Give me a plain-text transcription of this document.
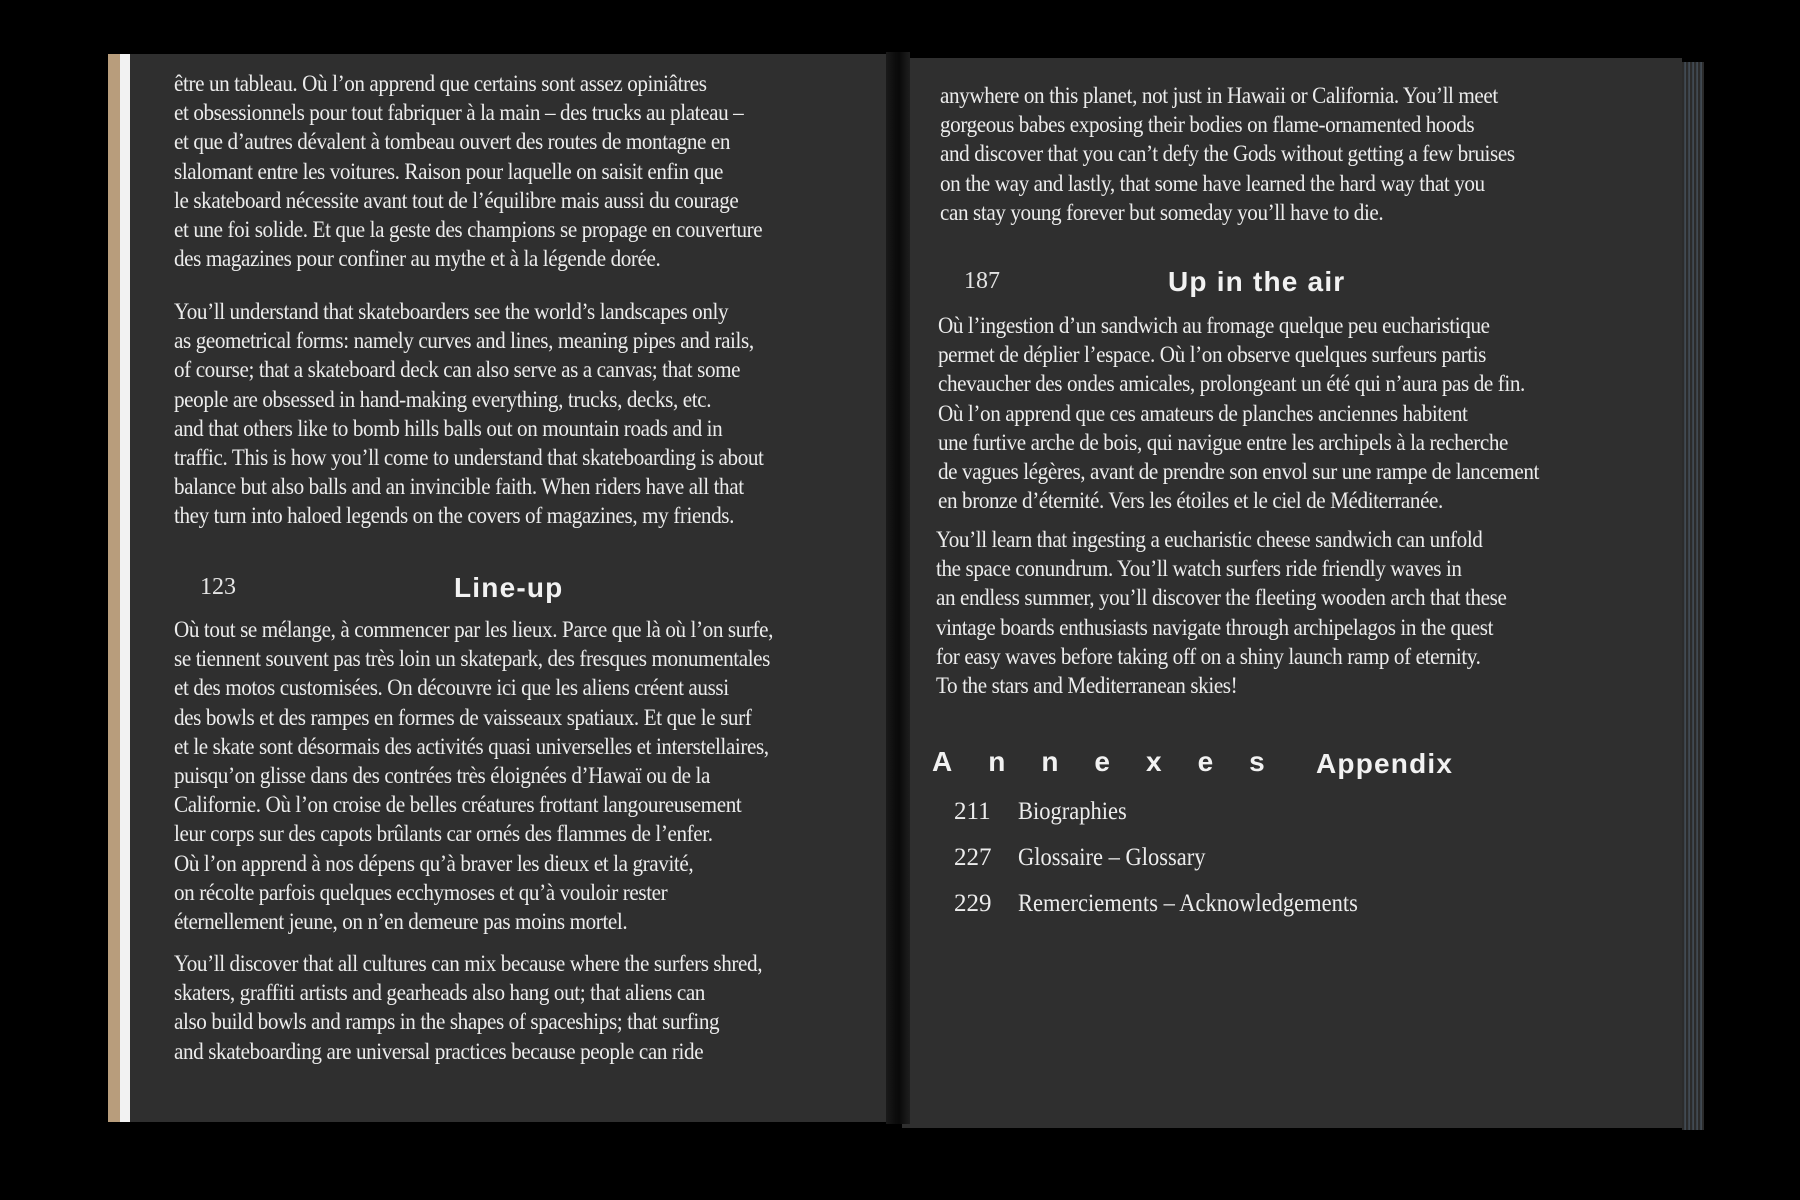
être un tableau. Où l’on apprend que certains sont assez opiniâtres
et obsessionnels pour tout fabriquer à la main – des trucks au plateau –
et que d’autres dévalent à tombeau ouvert des routes de montagne en
slalomant entre les voitures. Raison pour laquelle on saisit enfin que
le skateboard nécessite avant tout de l’équilibre mais aussi du courage
et une foi solide. Et que la geste des champions se propage en couverture
des magazines pour confiner au mythe et à la légende dorée.
You’ll understand that skateboarders see the world’s landscapes only
as geometrical forms: namely curves and lines, meaning pipes and rails,
of course; that a skateboard deck can also serve as a canvas; that some
people are obsessed in hand-making everything, trucks, decks, etc.
and that others like to bomb hills balls out on mountain roads and in
traffic. This is how you’ll come to understand that skateboarding is about
balance but also balls and an invincible faith. When riders have all that
they turn into haloed legends on the covers of magazines, my friends.
123	Line-up
Où tout se mélange, à commencer par les lieux. Parce que là où l’on surfe,
se tiennent souvent pas très loin un skatepark, des fresques monumentales
et des motos customisées. On découvre ici que les aliens créent aussi
des bowls et des rampes en formes de vaisseaux spatiaux. Et que le surf
et le skate sont désormais des activités quasi universelles et interstellaires,
puisqu’on glisse dans des contrées très éloignées d’Hawaï ou de la
Californie. Où l’on croise de belles créatures frottant langoureusement
leur corps sur des capots brûlants car ornés des flammes de l’enfer.
Où l’on apprend à nos dépens qu’à braver les dieux et la gravité,
on récolte parfois quelques ecchymoses et qu’à vouloir rester
éternellement jeune, on n’en demeure pas moins mortel.
You’ll discover that all cultures can mix because where the surfers shred,
skaters, graffiti artists and gearheads also hang out; that aliens can
also build bowls and ramps in the shapes of spaceships; that surfing
and skateboarding are universal practices because people can ride
anywhere on this planet, not just in Hawaii or California. You’ll meet
gorgeous babes exposing their bodies on flame-ornamented hoods
and discover that you can’t defy the Gods without getting a few bruises
on the way and lastly, that some have learned the hard way that you
can stay young forever but someday you’ll have to die.
187	Up in the air
Où l’ingestion d’un sandwich au fromage quelque peu eucharistique
permet de déplier l’espace. Où l’on observe quelques surfeurs partis
chevaucher des ondes amicales, prolongeant un été qui n’aura pas de fin.
Où l’on apprend que ces amateurs de planches anciennes habitent
une furtive arche de bois, qui navigue entre les archipels à la recherche
de vagues légères, avant de prendre son envol sur une rampe de lancement
en bronze d’éternité. Vers les étoiles et le ciel de Méditerranée.
You’ll learn that ingesting a eucharistic cheese sandwich can unfold
the space conundrum. You’ll watch surfers ride friendly waves in
an endless summer, you’ll discover the fleeting wooden arch that these
vintage boards enthusiasts navigate through archipelagos in the quest
for easy waves before taking off on a shiny launch ramp of eternity.
To the stars and Mediterranean skies!
Annexes Appendix
211 Biographies
227 Glossaire – Glossary
229 Remerciements – Acknowledgements
